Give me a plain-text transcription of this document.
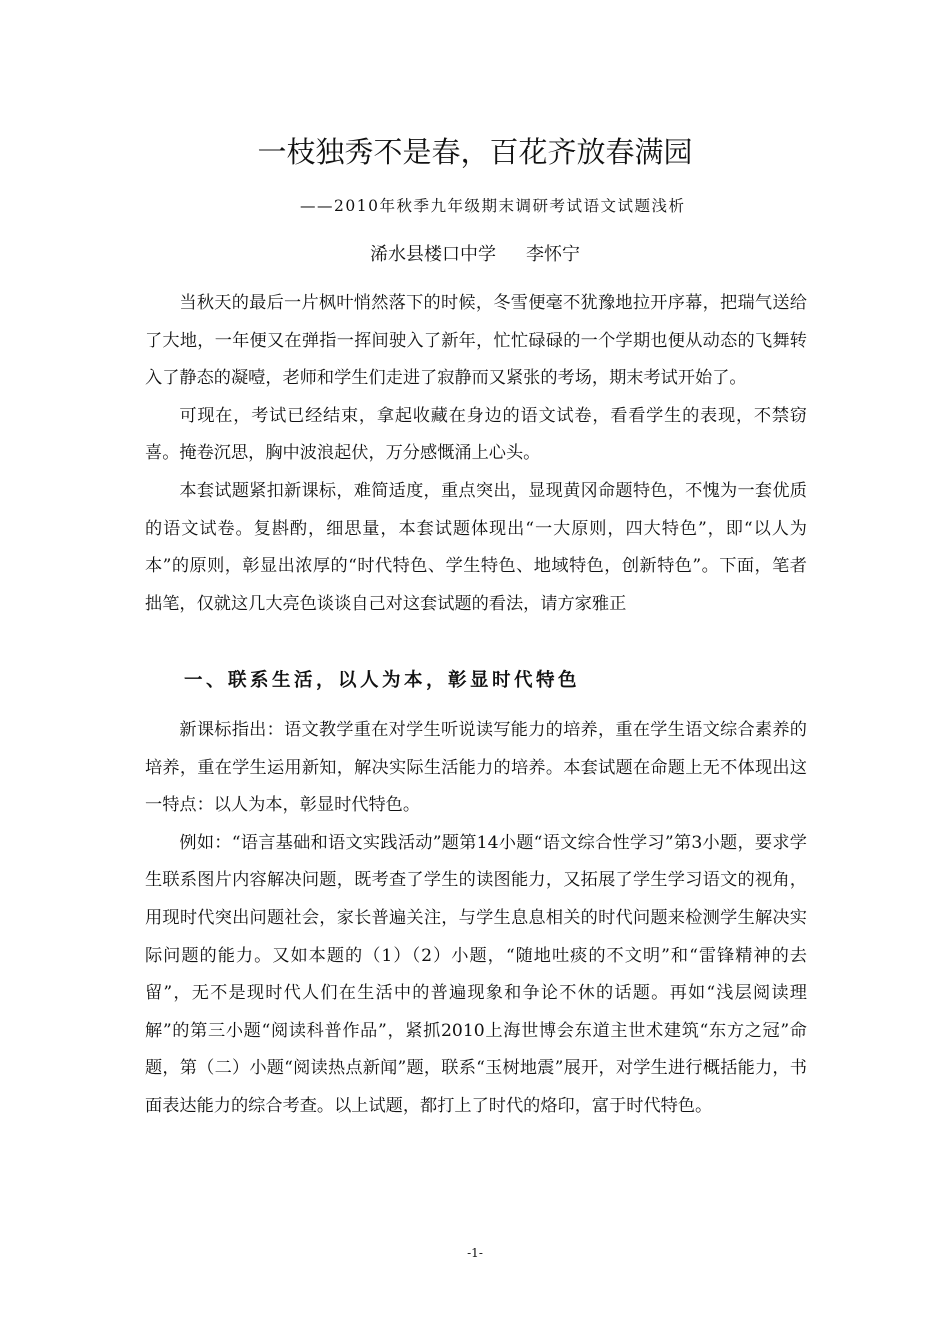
一枝独秀不是春，百花齐放春满园
——2010年秋季九年级期末调研考试语文试题浅析
浠水县楼口中学 李怀宁

当秋天的最后一片枫叶悄然落下的时候，冬雪便毫不犹豫地拉开序幕，把瑞气送给了大地，一年便又在弹指一挥间驶入了新年，忙忙碌碌的一个学期也便从动态的飞舞转入了静态的凝噎，老师和学生们走进了寂静而又紧张的考场，期末考试开始了。

可现在，考试已经结束，拿起收藏在身边的语文试卷，看看学生的表现，不禁窃喜。掩卷沉思，胸中波浪起伏，万分感慨涌上心头。

本套试题紧扣新课标，难简适度，重点突出，显现黄冈命题特色，不愧为一套优质的语文试卷。复斟酌，细思量，本套试题体现出“一大原则，四大特色”，即“以人为本”的原则，彰显出浓厚的“时代特色、学生特色、地域特色，创新特色”。下面，笔者拙笔，仅就这几大亮色谈谈自己对这套试题的看法，请方家雅正

一、联系生活，以人为本，彰显时代特色

新课标指出：语文教学重在对学生听说读写能力的培养，重在学生语文综合素养的培养，重在学生运用新知，解决实际生活能力的培养。本套试题在命题上无不体现出这一特点：以人为本，彰显时代特色。

例如：“语言基础和语文实践活动”题第14小题“语文综合性学习”第3小题，要求学生联系图片内容解决问题，既考查了学生的读图能力，又拓展了学生学习语文的视角，用现时代突出问题社会，家长普遍关注，与学生息息相关的时代问题来检测学生解决实际问题的能力。又如本题的（1）（2）小题，“随地吐痰的不文明”和“雷锋精神的去留”，无不是现时代人们在生活中的普遍现象和争论不休的话题。再如“浅层阅读理解”的第三小题“阅读科普作品”，紧抓2010上海世博会东道主世术建筑“东方之冠”命题，第（二）小题“阅读热点新闻”题，联系“玉树地震”展开，对学生进行概括能力，书面表达能力的综合考查。以上试题，都打上了时代的烙印，富于时代特色。

-1-
